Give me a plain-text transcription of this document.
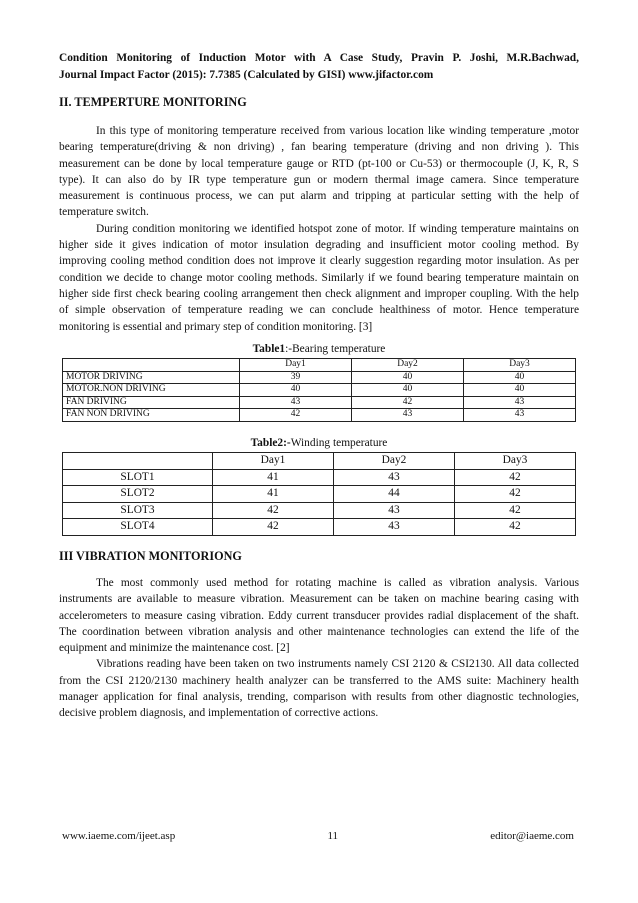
Condition Monitoring of Induction Motor with A Case Study, Pravin P. Joshi, M.R.Bachwad,
Journal Impact Factor (2015): 7.7385 (Calculated by GISI) www.jifactor.com
II. TEMPERTURE MONITORING

In this type of monitoring temperature received from various location like winding temperature ,motor bearing temperature(driving & non driving) , fan bearing temperature (driving and non driving ). This measurement can be done by local temperature gauge or RTD (pt-100 or Cu-53) or thermocouple (J, K, R, S type). It can also do by IR type temperature gun or modern thermal image camera. Since temperature measurement is continuous process, we can put alarm and tripping at particular setting with the help of temperature switch.

During condition monitoring we identified hotspot zone of motor. If winding temperature maintains on higher side it gives indication of motor insulation degrading and insufficient motor cooling method. By improving cooling method condition does not improve it clearly suggestion regarding motor insulation. As per condition we decide to change motor cooling methods. Similarly if we found bearing temperature maintain on higher side first check bearing cooling arrangement then check alignment and improper coupling. With the help of simple observation of temperature reading we can conclude healthiness of motor. Hence temperature monitoring is essential and primary step of condition monitoring. [3]

Table1:-Bearing temperature
	Day1	Day2	Day3
MOTOR DRIVING	39	40	40
MOTOR.NON DRIVING	40	40	40
FAN DRIVING	43	42	43
FAN NON DRIVING	42	43	43
Table2:-Winding temperature
	Day1	Day2	Day3
SLOT1	41	43	42
SLOT2	41	44	42
SLOT3	42	43	42
SLOT4	42	43	42
III VIBRATION MONITORIONG

The most commonly used method for rotating machine is called as vibration analysis. Various instruments are available to measure vibration. Measurement can be taken on machine bearing casing with accelerometers to measure casing vibration. Eddy current transducer provides radial displacement of the shaft. The coordination between vibration analysis and other maintenance technologies can extend the life of the equipment and minimize the maintenance cost. [2]

Vibrations reading have been taken on two instruments namely CSI 2120 & CSI2130. All data collected from the CSI 2120/2130 machinery health analyzer can be transferred to the AMS suite: Machinery health manager application for final analysis, trending, comparison with results from other diagnostic technologies, decisive problem diagnosis, and implementation of corrective actions.

www.iaeme.com/ijeet.asp	11	editor@iaeme.com
